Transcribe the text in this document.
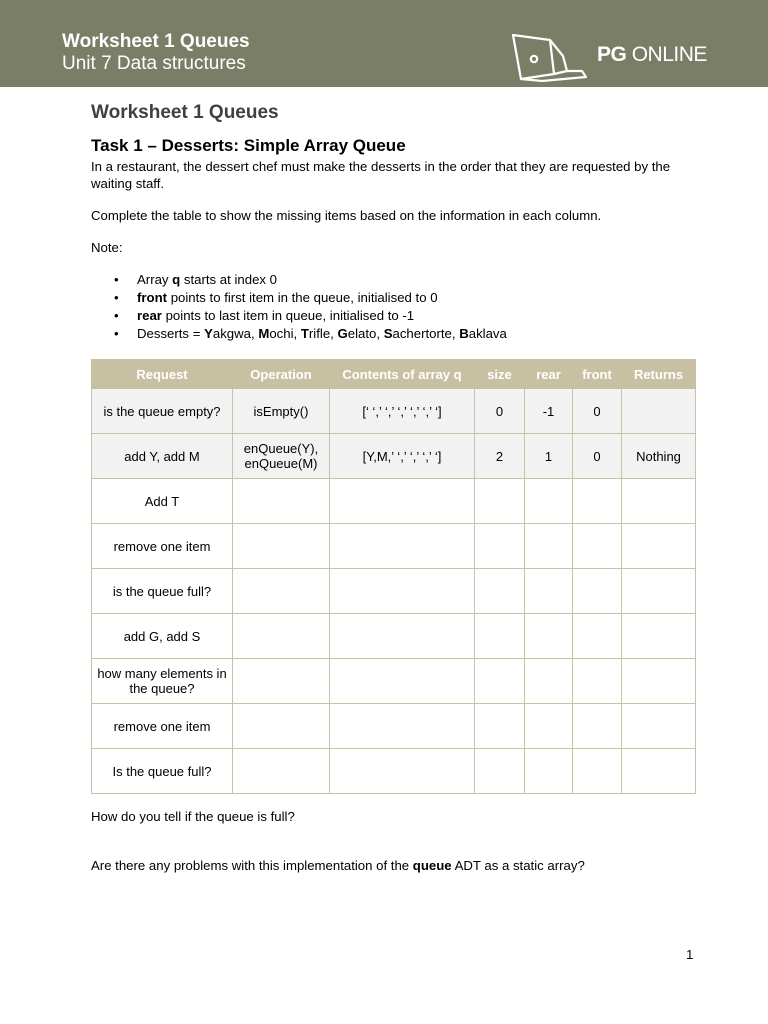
Worksheet 1 Queues
Unit 7 Data structures	PG ONLINE
Worksheet 1 Queues
Task 1 – Desserts: Simple Array Queue

In a restaurant, the dessert chef must make the desserts in the order that they are requested by the waiting staff.

Complete the table to show the missing items based on the information in each column.

Note:

• Array q starts at index 0
• front points to first item in the queue, initialised to 0
• rear points to last item in queue, initialised to -1
• Desserts = Yakgwa, Mochi, Trifle, Gelato, Sachertorte, Baklava
Request	Operation	Contents of array q	size	rear	front	Returns
is the queue empty?	isEmpty()	[‘ ‘,’ ‘,’ ‘,’ ‘,’ ‘,’ ‘]	0	-1	0	
add Y, add M	enQueue(Y), enQueue(M)	[Y,M,’ ‘,’ ‘,’ ‘,’ ‘]	2	1	0	Nothing
Add T						
remove one item						
is the queue full?						
add G, add S						
how many elements in the queue?						
remove one item						
Is the queue full?						

How do you tell if the queue is full?

Are there any problems with this implementation of the queue ADT as a static array?

1
